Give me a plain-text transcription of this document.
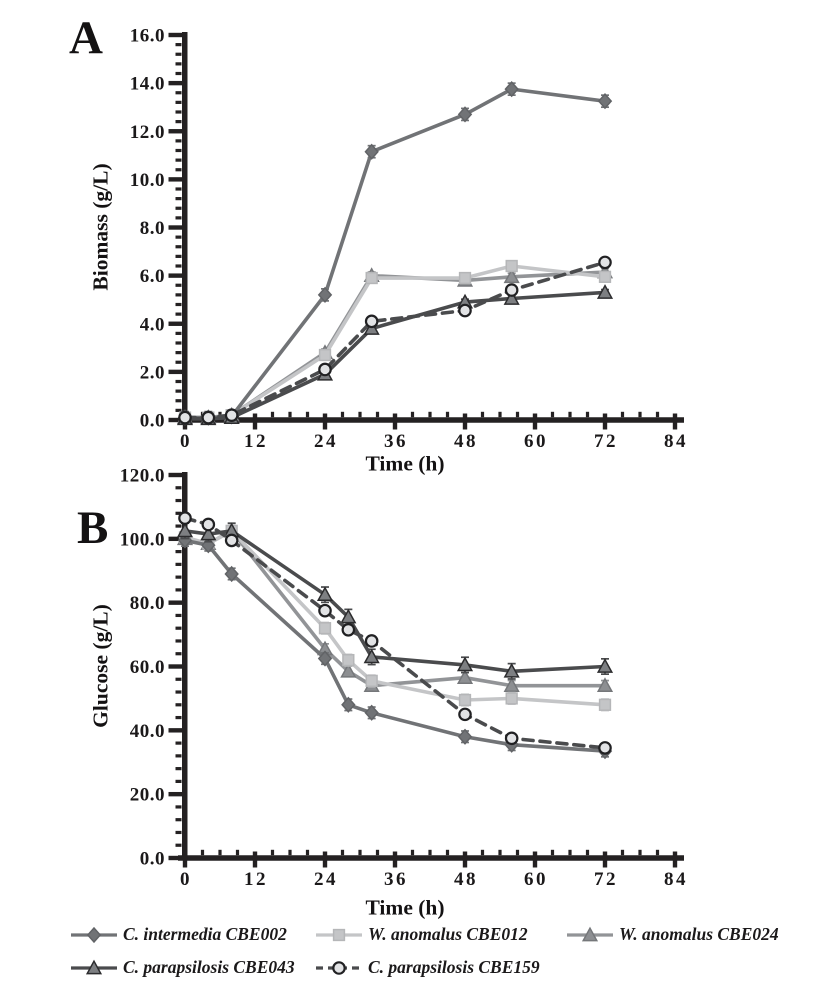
0	12 24 36 48 60 72 84
0.0
2.0
4.0
6.0
8.0
10.0
12.0
14.0
16.0
0	12 24 36 48 60 72 84
0.0
20.0
40.0
60.0
80.0
100.0
120.0
A
Biomass (g/L)
Time (h)
B
Glucose (g/L)
Time (h)
C. intermedia CBE002	W. anomalus CBE012	W. anomalus CBE024
C. parapsilosis CBE043	C. parapsilosis CBE159
